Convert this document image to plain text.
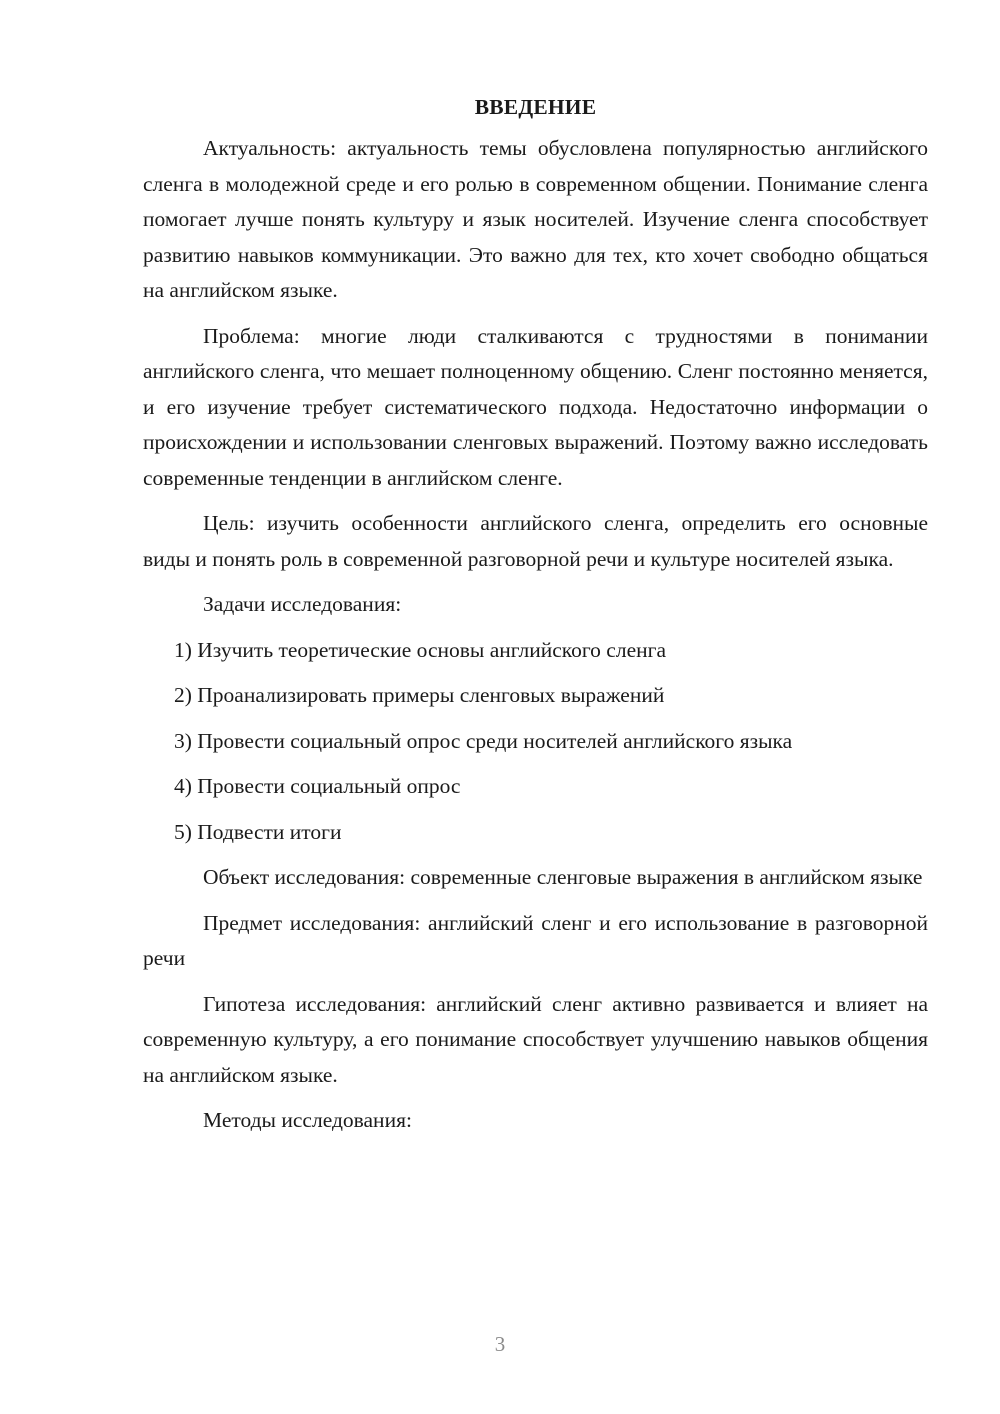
ВВЕДЕНИЕ

Актуальность: актуальность темы обусловлена популярностью английского сленга в молодежной среде и его ролью в современном общении. Понимание сленга помогает лучше понять культуру и язык носителей. Изучение сленга способствует развитию навыков коммуникации. Это важно для тех, кто хочет свободно общаться на английском языке.

Проблема: многие люди сталкиваются с трудностями в понимании английского сленга, что мешает полноценному общению. Сленг постоянно меняется, и его изучение требует систематического подхода. Недостаточно информации о происхождении и использовании сленговых выражений. Поэтому важно исследовать современные тенденции в английском сленге.

Цель: изучить особенности английского сленга, определить его основные виды и понять роль в современной разговорной речи и культуре носителей языка.

Задачи исследования:

1) Изучить теоретические основы английского сленга

2) Проанализировать примеры сленговых выражений

3) Провести социальный опрос среди носителей английского языка

4) Провести социальный опрос

5) Подвести итоги

Объект исследования: современные сленговые выражения в английском языке

Предмет исследования: английский сленг и его использование в разговорной речи

Гипотеза исследования: английский сленг активно развивается и влияет на современную культуру, а его понимание способствует улучшению навыков общения на английском языке.

Методы исследования:

3
